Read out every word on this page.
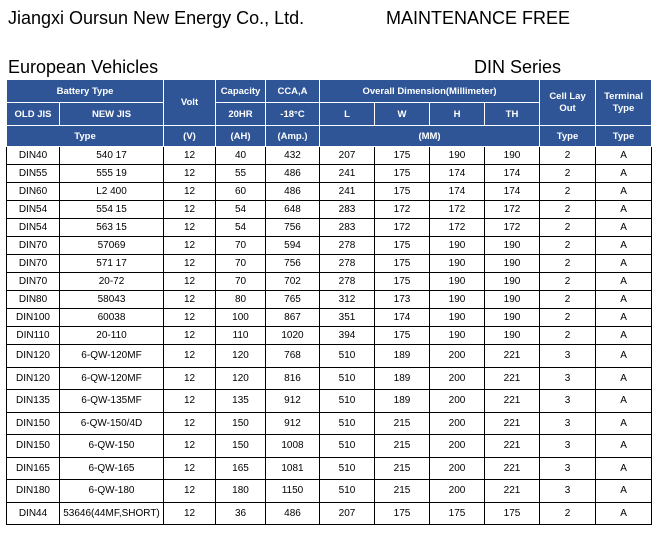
Jiangxi Oursun New Energy Co., Ltd.	MAINTENANCE FREE
European Vehicles	DIN Series
Battery Type		Volt	Capacity	CCA,A	Overall Dimension(Millimeter)				Cell Lay Out	Terminal Type
OLD JIS	NEW JIS		20HR	-18°C	L	W	H	TH		
Type		(V)	(AH)	(Amp.)	(MM)				Type	Type
DIN40	540 17	12	40	432	207	175	190	190	2	A
DIN55	555 19	12	55	486	241	175	174	174	2	A
DIN60	L2 400	12	60	486	241	175	174	174	2	A
DIN54	554 15	12	54	648	283	172	172	172	2	A
DIN54	563 15	12	54	756	283	172	172	172	2	A
DIN70	57069	12	70	594	278	175	190	190	2	A
DIN70	571 17	12	70	756	278	175	190	190	2	A
DIN70	20-72	12	70	702	278	175	190	190	2	A
DIN80	58043	12	80	765	312	173	190	190	2	A
DIN100	60038	12	100	867	351	174	190	190	2	A
DIN110	20-110	12	110	1020	394	175	190	190	2	A
DIN120	6-QW-120MF	12	120	768	510	189	200	221	3	A
DIN120	6-QW-120MF	12	120	816	510	189	200	221	3	A
DIN135	6-QW-135MF	12	135	912	510	189	200	221	3	A
DIN150	6-QW-150/4D	12	150	912	510	215	200	221	3	A
DIN150	6-QW-150	12	150	1008	510	215	200	221	3	A
DIN165	6-QW-165	12	165	1081	510	215	200	221	3	A
DIN180	6-QW-180	12	180	1150	510	215	200	221	3	A
DIN44	53646(44MF,SHORT)	12	36	486	207	175	175	175	2	A
